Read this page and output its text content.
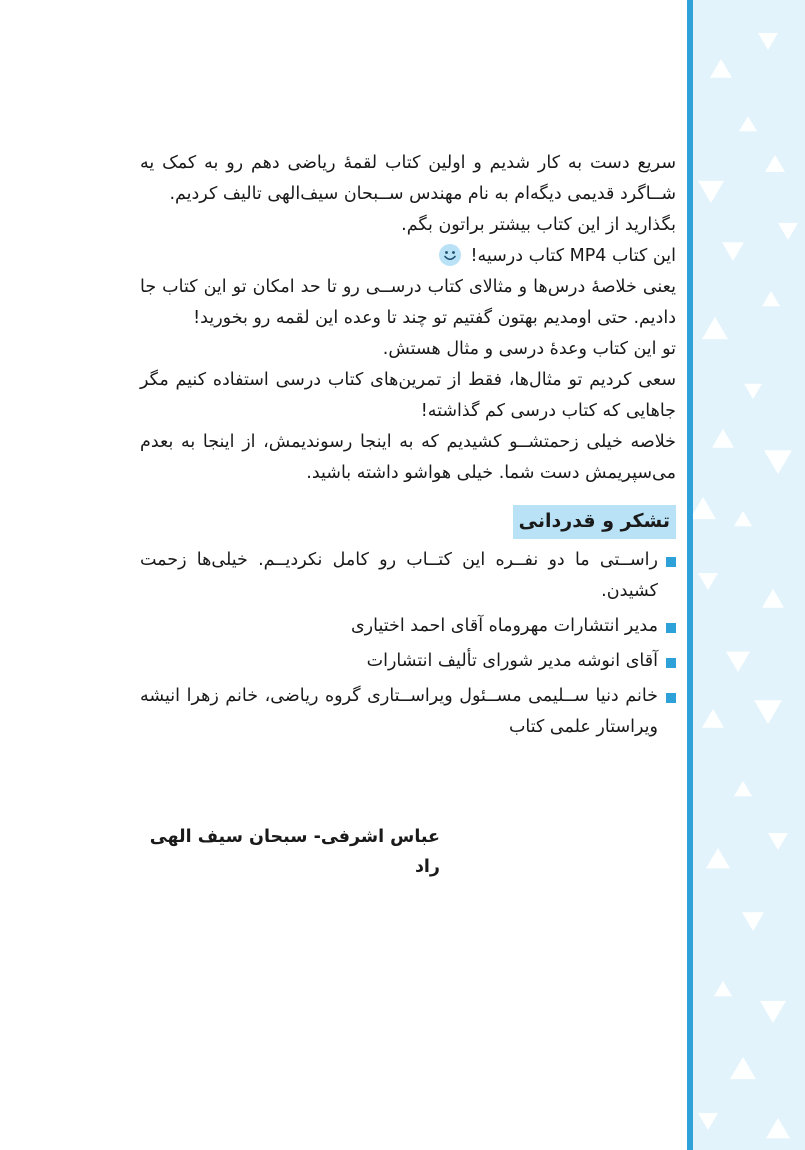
سریع دست به کار شدیم و اولین کتاب لقمهٔ ریاضی دهم رو به کمک یه شــاگرد قدیمی دیگه‌ام به نام مهندس ســبحان سیف‌الهی تالیف کردیم.

بگذارید از این کتاب بیشتر براتون بگم.

این کتاب MP4 کتاب درسیه!

یعنی خلاصهٔ درس‌ها و مثالای کتاب درســی رو تا حد امکان تو این کتاب جا دادیم. حتی اومدیم بهتون گفتیم تو چند تا وعده این لقمه رو بخورید!

تو این کتاب وعدهٔ درسی و مثال هستش.

سعی کردیم تو مثال‌ها، فقط از تمرین‌های کتاب درسی استفاده کنیم مگر جاهایی که کتاب درسی کم گذاشته!

خلاصه خیلی زحمتشــو کشیدیم که به اینجا رسوندیمش، از اینجا به بعدم می‌سپریمش دست شما. خیلی هواشو داشته باشید.

تشکر و قدردانی
راســتی ما دو نفــره این کتــاب رو کامل نکردیــم. خیلی‌ها زحمت کشیدن.
مدیر انتشارات مهروماه آقای احمد اختیاری
آقای انوشه مدیر شورای تألیف انتشارات
خانم دنیا ســلیمی مســئول ویراســتاری گروه ریاضی، خانم زهرا انیشه ویراستار علمی کتاب
عباس اشرفی- سبحان سیف الهی راد
